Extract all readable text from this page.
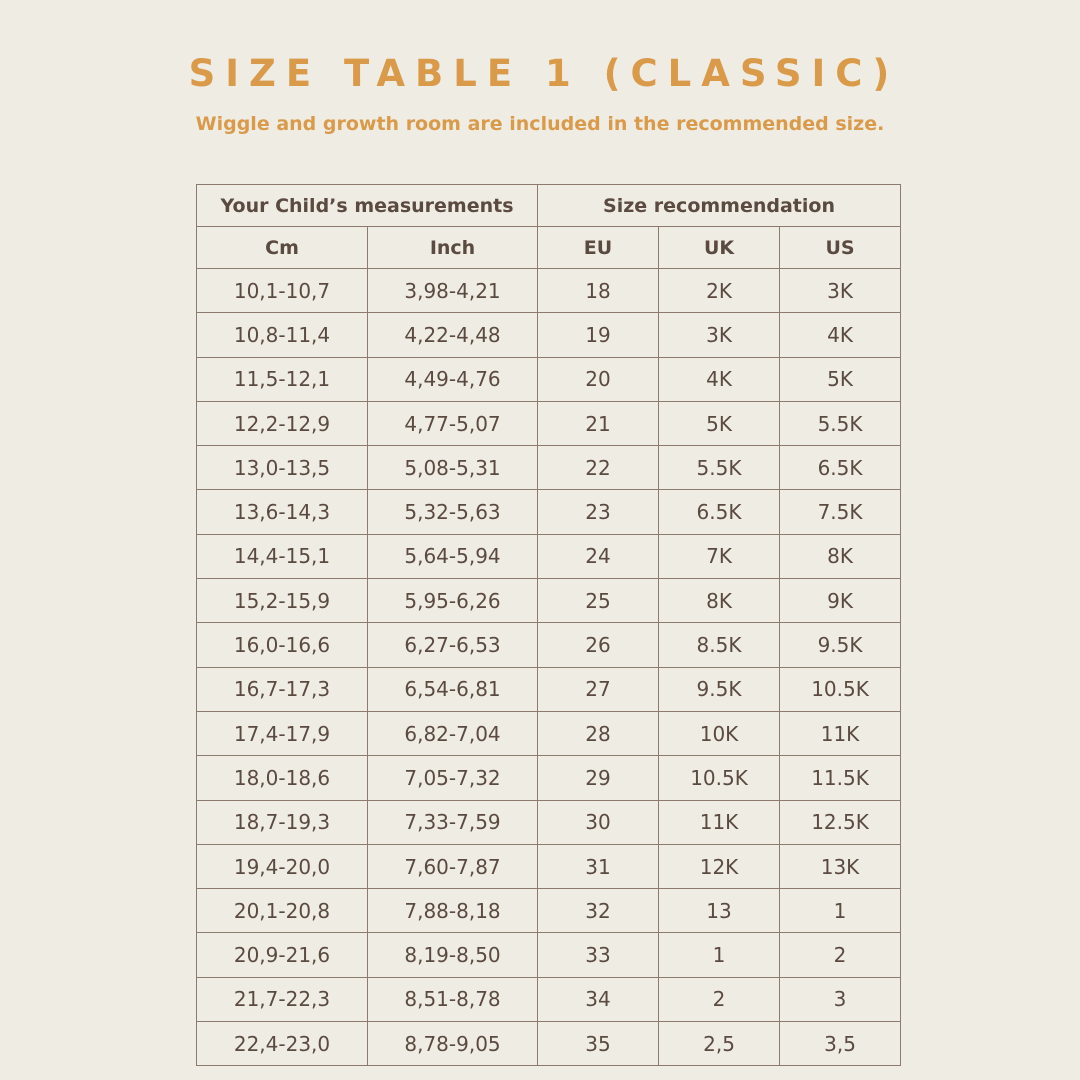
SIZE TABLE 1 (CLASSIC)

Wiggle and growth room are included in the recommended size.

Your Child’s measurements		Size recommendation		
Cm	Inch	EU	UK	US
10,1-10,7	3,98-4,21	18	2K	3K
10,8-11,4	4,22-4,48	19	3K	4K
11,5-12,1	4,49-4,76	20	4K	5K
12,2-12,9	4,77-5,07	21	5K	5.5K
13,0-13,5	5,08-5,31	22	5.5K	6.5K
13,6-14,3	5,32-5,63	23	6.5K	7.5K
14,4-15,1	5,64-5,94	24	7K	8K
15,2-15,9	5,95-6,26	25	8K	9K
16,0-16,6	6,27-6,53	26	8.5K	9.5K
16,7-17,3	6,54-6,81	27	9.5K	10.5K
17,4-17,9	6,82-7,04	28	10K	11K
18,0-18,6	7,05-7,32	29	10.5K	11.5K
18,7-19,3	7,33-7,59	30	11K	12.5K
19,4-20,0	7,60-7,87	31	12K	13K
20,1-20,8	7,88-8,18	32	13	1
20,9-21,6	8,19-8,50	33	1	2
21,7-22,3	8,51-8,78	34	2	3
22,4-23,0	8,78-9,05	35	2,5	3,5
